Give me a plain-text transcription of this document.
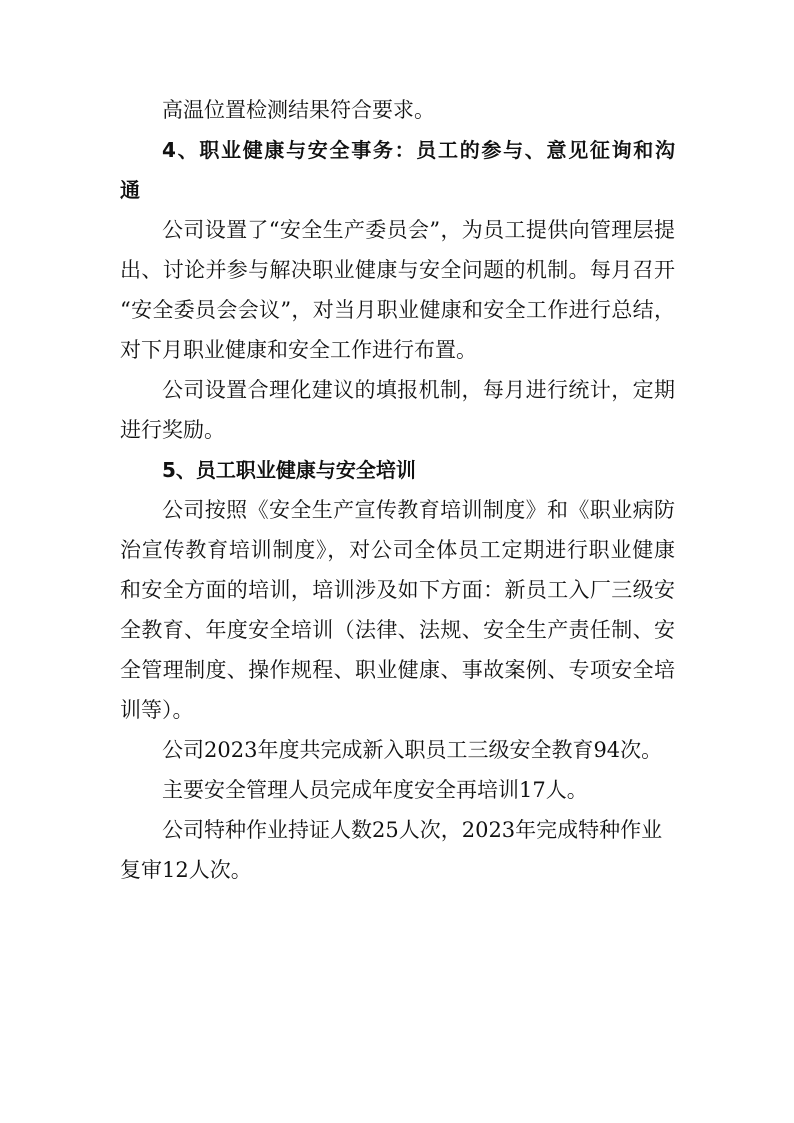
高温位置检测结果符合要求。
4、职业健康与安全事务：员工的参与、意见征询和沟
通
公司设置了“安全生产委员会”，为员工提供向管理层提
出、讨论并参与解决职业健康与安全问题的机制。每月召开
“安全委员会会议”，对当月职业健康和安全工作进行总结，
对下月职业健康和安全工作进行布置。
公司设置合理化建议的填报机制，每月进行统计，定期
进行奖励。
5、员工职业健康与安全培训
公司按照《安全生产宣传教育培训制度》和《职业病防
治宣传教育培训制度》，对公司全体员工定期进行职业健康
和安全方面的培训，培训涉及如下方面：新员工入厂三级安
全教育、年度安全培训（法律、法规、安全生产责任制、安
全管理制度、操作规程、职业健康、事故案例、专项安全培
训等）。
公司2023年度共完成新入职员工三级安全教育94次。
主要安全管理人员完成年度安全再培训17人。
公司特种作业持证人数25人次，2023年完成特种作业
复审12人次。
